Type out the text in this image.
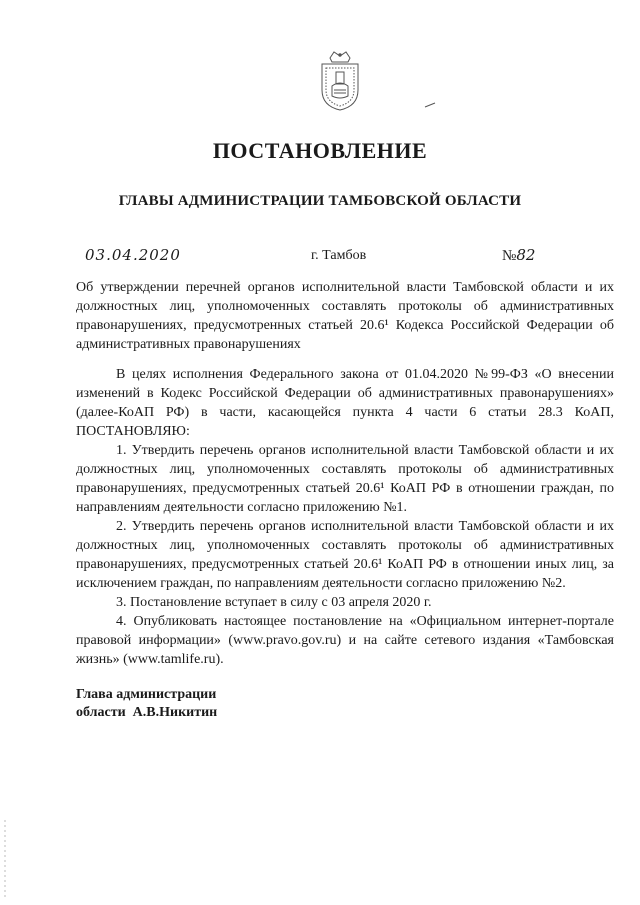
ПОСТАНОВЛЕНИЕ
ГЛАВЫ АДМИНИСТРАЦИИ ТАМБОВСКОЙ ОБЛАСТИ
03.04.2020	г. Тамбов	№82
Об утверждении перечней органов исполнительной власти Тамбовской области и их должностных лиц, уполномоченных составлять протоколы об административных правонарушениях, предусмотренных статьей 20.6¹ Кодекса Российской Федерации об административных правонарушениях

В целях исполнения Федерального закона от 01.04.2020 №99-ФЗ «О внесении изменений в Кодекс Российской Федерации об административных правонарушениях» (далее-КоАП РФ) в части, касающейся пункта 4 части 6 статьи 28.3 КоАП, ПОСТАНОВЛЯЮ:

1. Утвердить перечень органов исполнительной власти Тамбовской области и их должностных лиц, уполномоченных составлять протоколы об административных правонарушениях, предусмотренных статьей 20.6¹ КоАП РФ в отношении граждан, по направлениям деятельности согласно приложению №1.

2. Утвердить перечень органов исполнительной власти Тамбовской области и их должностных лиц, уполномоченных составлять протоколы об административных правонарушениях, предусмотренных статьей 20.6¹ КоАП РФ в отношении иных лиц, за исключением граждан, по направлениям деятельности согласно приложению №2.

3. Постановление вступает в силу с 03 апреля 2020 г.

4. Опубликовать настоящее постановление на «Официальном интернет-портале правовой информации» (www.pravo.gov.ru) и на сайте сетевого издания «Тамбовская жизнь» (www.tamlife.ru).

Глава администрации
области А.В.Никитин
